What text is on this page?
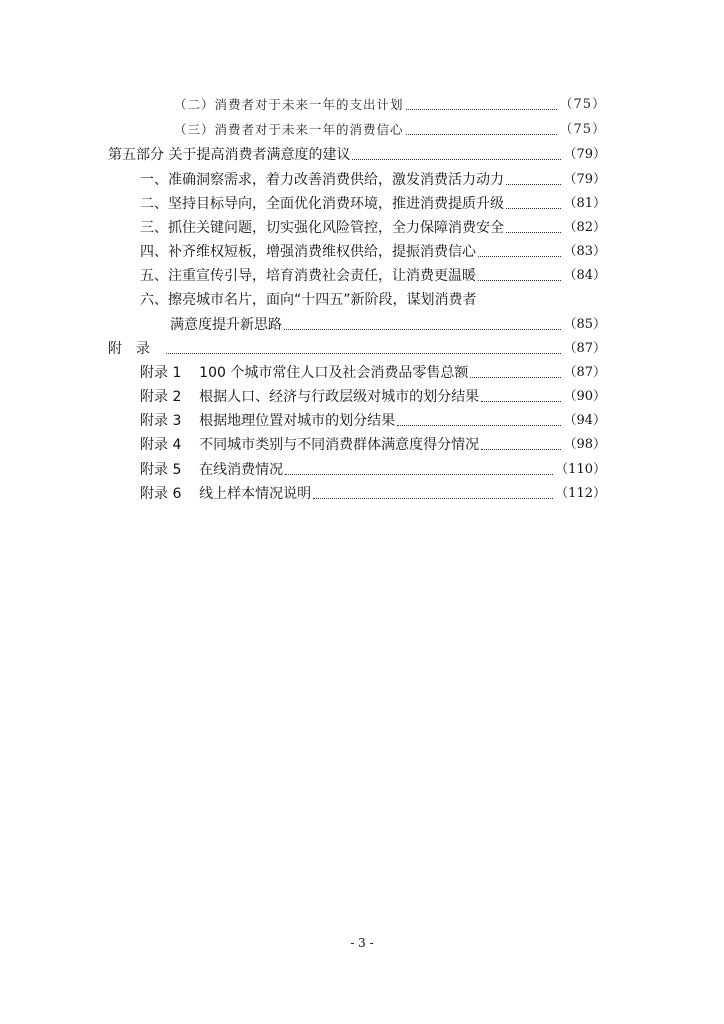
（二）消费者对于未来一年的支出计划	（75）
（三）消费者对于未来一年的消费信心	（75）
第五部分 关于提高消费者满意度的建议	（79）
一、准确洞察需求，着力改善消费供给，激发消费活力动力	（79）
二、坚持目标导向，全面优化消费环境，推进消费提质升级	（81）
三、抓住关键问题，切实强化风险管控，全力保障消费安全	（82）
四、补齐维权短板，增强消费维权供给，提振消费信心	（83）
五、注重宣传引导，培育消费社会责任，让消费更温暖	（84）
六、擦亮城市名片，面向“十四五”新阶段，谋划消费者
满意度提升新思路	（85）
附录	（87）
附录 1    100 个城市常住人口及社会消费品零售总额	（87）
附录 2    根据人口、经济与行政层级对城市的划分结果	（90）
附录 3    根据地理位置对城市的划分结果	（94）
附录 4    不同城市类别与不同消费群体满意度得分情况	（98）
附录 5    在线消费情况	（110）
附录 6    线上样本情况说明	（112）
- 3 -
